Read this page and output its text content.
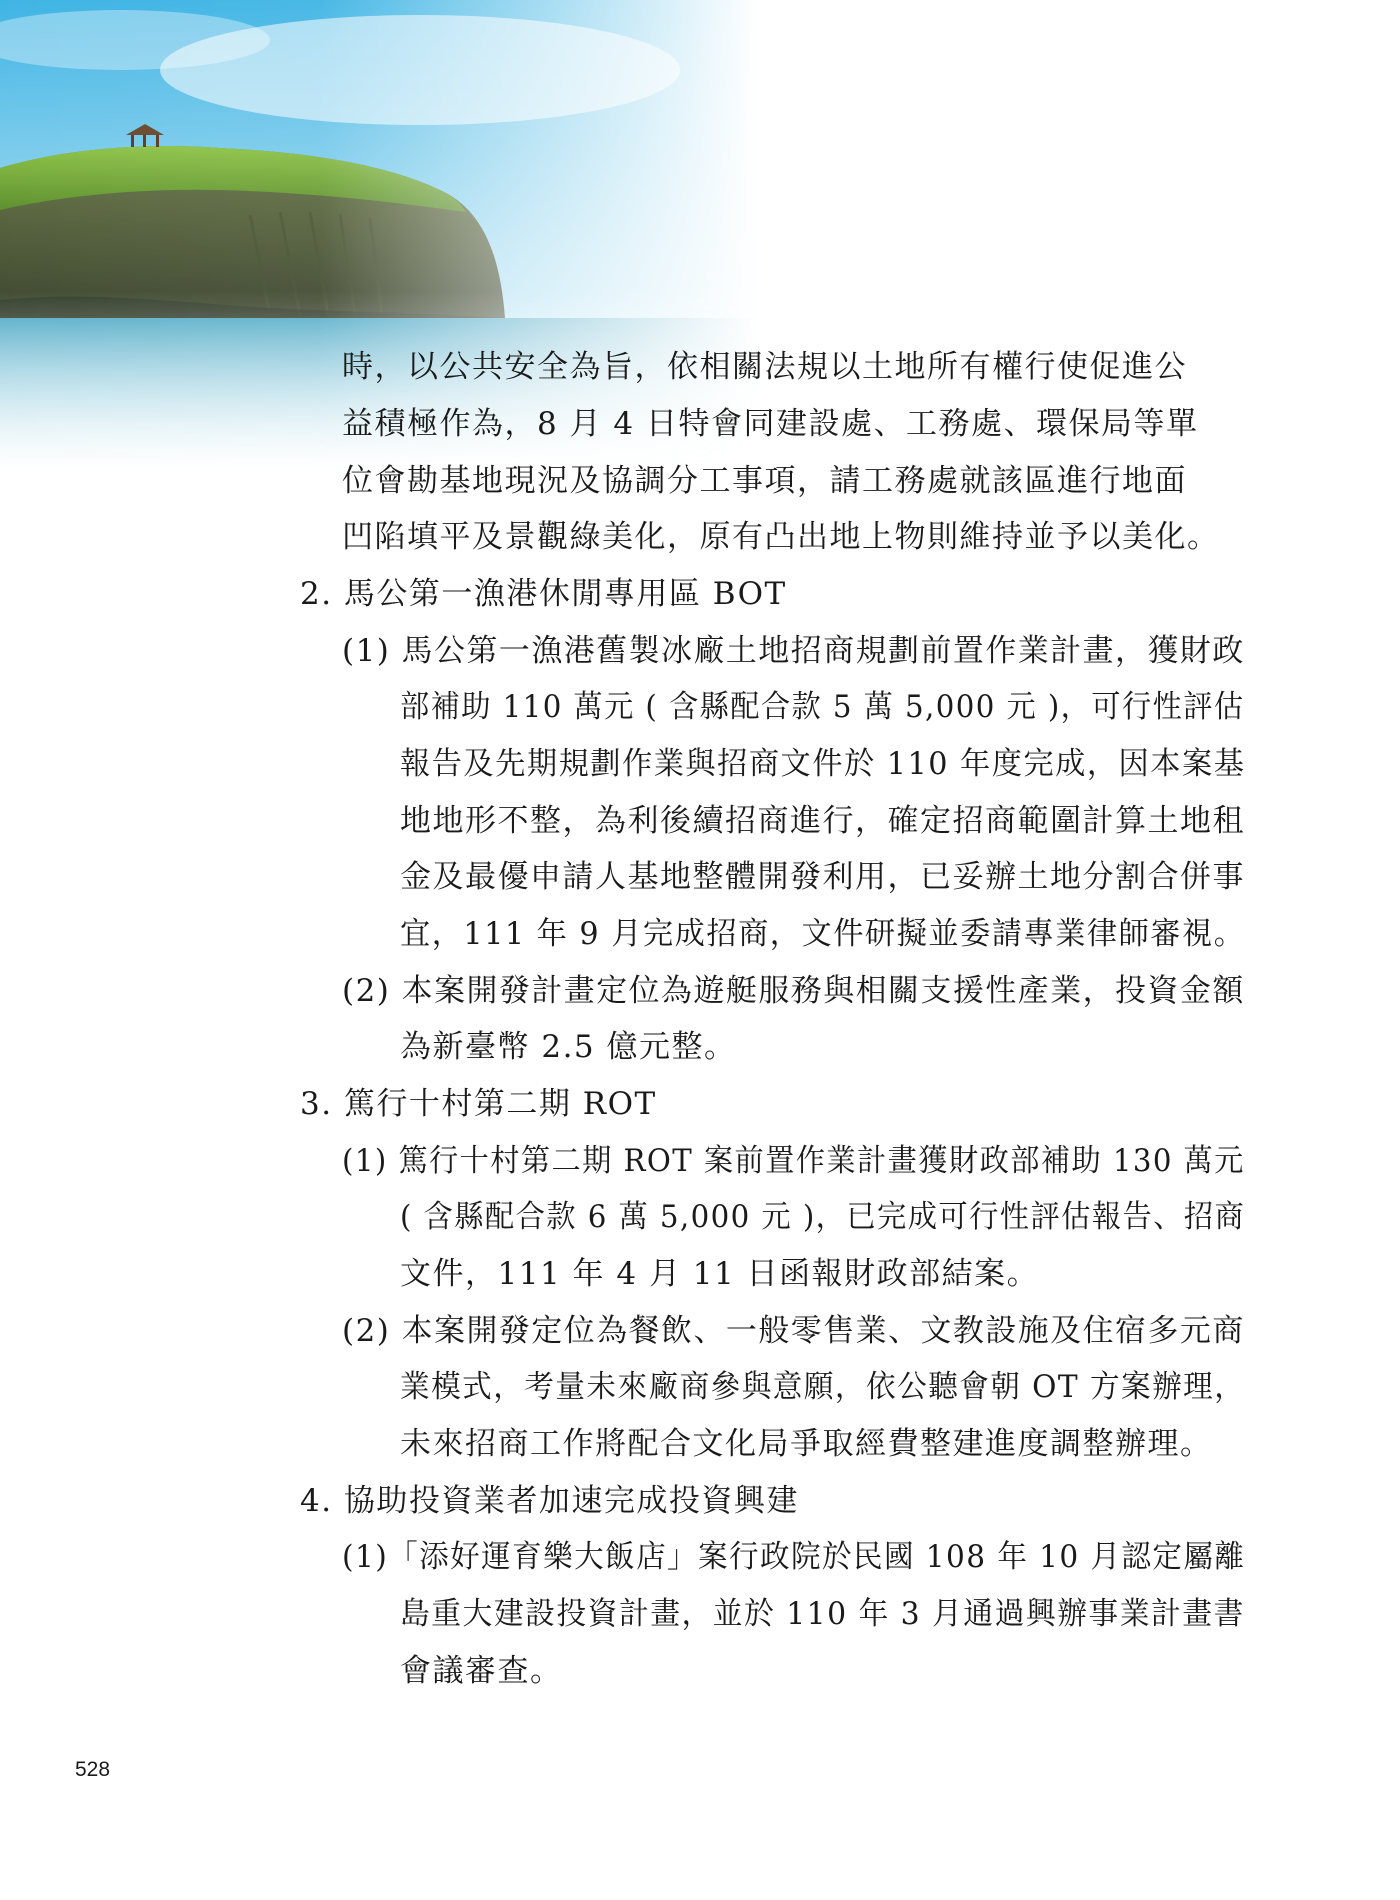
時，以公共安全為旨，依相關法規以土地所有權行使促進公
益積極作為，8 月 4 日特會同建設處、工務處、環保局等單
位會勘基地現況及協調分工事項，請工務處就該區進行地面
凹陷填平及景觀綠美化，原有凸出地上物則維持並予以美化。
2. 馬公第一漁港休閒專用區 BOT
(1) 馬公第一漁港舊製冰廠土地招商規劃前置作業計畫，獲財政
部補助 110 萬元 ( 含縣配合款 5 萬 5,000 元 )，可行性評估
報告及先期規劃作業與招商文件於 110 年度完成，因本案基
地地形不整，為利後續招商進行，確定招商範圍計算土地租
金及最優申請人基地整體開發利用，已妥辦土地分割合併事
宜，111 年 9 月完成招商，文件研擬並委請專業律師審視。
(2) 本案開發計畫定位為遊艇服務與相關支援性產業，投資金額
為新臺幣 2.5 億元整。
3. 篤行十村第二期 ROT
(1) 篤行十村第二期 ROT 案前置作業計畫獲財政部補助 130 萬元
( 含縣配合款 6 萬 5,000 元 )，已完成可行性評估報告、招商
文件，111 年 4 月 11 日函報財政部結案。
(2) 本案開發定位為餐飲、一般零售業、文教設施及住宿多元商
業模式，考量未來廠商參與意願，依公聽會朝 OT 方案辦理，
未來招商工作將配合文化局爭取經費整建進度調整辦理。
4. 協助投資業者加速完成投資興建
(1)「添好運育樂大飯店」案行政院於民國 108 年 10 月認定屬離
島重大建設投資計畫，並於 110 年 3 月通過興辦事業計畫書
會議審查。
528
